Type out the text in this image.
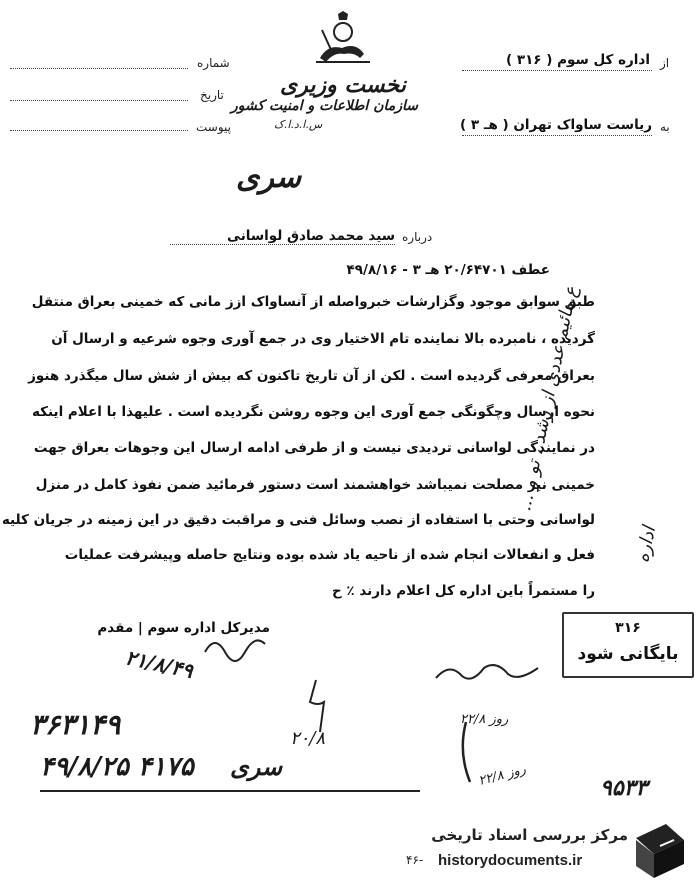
شماره
تاریخ
پیوست
نخست وزیری
سازمان اطلاعات و امنیت کشور
س.ا.د.ا.ک
سری
از
اداره کل سوم ( ۳۱۶ )
به
ریاست ساواک تهران ( هـ ۳ )
درباره
سید محمد صادق لواسانی
عطف ۲۰/۶۴۷۰۱ هـ ۳ - ۴۹/۸/۱۶
طبق سوابق موجود وگزارشات خبرواصله از آنساواک ازز مانی که خمینی بعراق منتقل
گردیده ، نامبرده بالا نماینده تام الاختیار وی در جمع آوری وجوه شرعیه و ارسال آن
بعراق معرفی گردیده است . لکن از آن تاریخ تاکنون که بیش از شش سال میگذرد هنوز
نحوه ارسال وچگونگی جمع آوری این وجوه روشن نگردیده است . علیهذا با اعلام اینکه
در نمایندگی لواسانی تردیدی نیست و از طرفی ادامه ارسال این وجوهات بعراق جهت
خمینی نیز مصلحت نمیباشد خواهشمند است دستور فرمائید ضمن نفوذ کامل در منزل
لواسانی وحتی با استفاده از نصب وسائل فنی و مراقبت دقیق در این زمینه در جریان کلیه
فعل و انفعالات انجام شده از ناحیه یاد شده بوده ونتایج حاصله وپیشرفت عملیات
را مستمراً باین اداره کل اعلام دارند ٪ ح
مدیرکل اداره سوم | مقدم
ع.مائیم عددی از رشد ، تو و ...
اداره
۳۱۶
بایگانی شود
۲۱/۸/۴۹
۳۶۳۱۴۹
۴۹/۸/۲۵ ۴۱۷۵ سری
۲۰/۸
۲۲/۸ روز
۲۲/۸ روز
۹۵۳۳
مرکز بررسی اسناد تاریخی
historydocuments.ir
۴۶-
